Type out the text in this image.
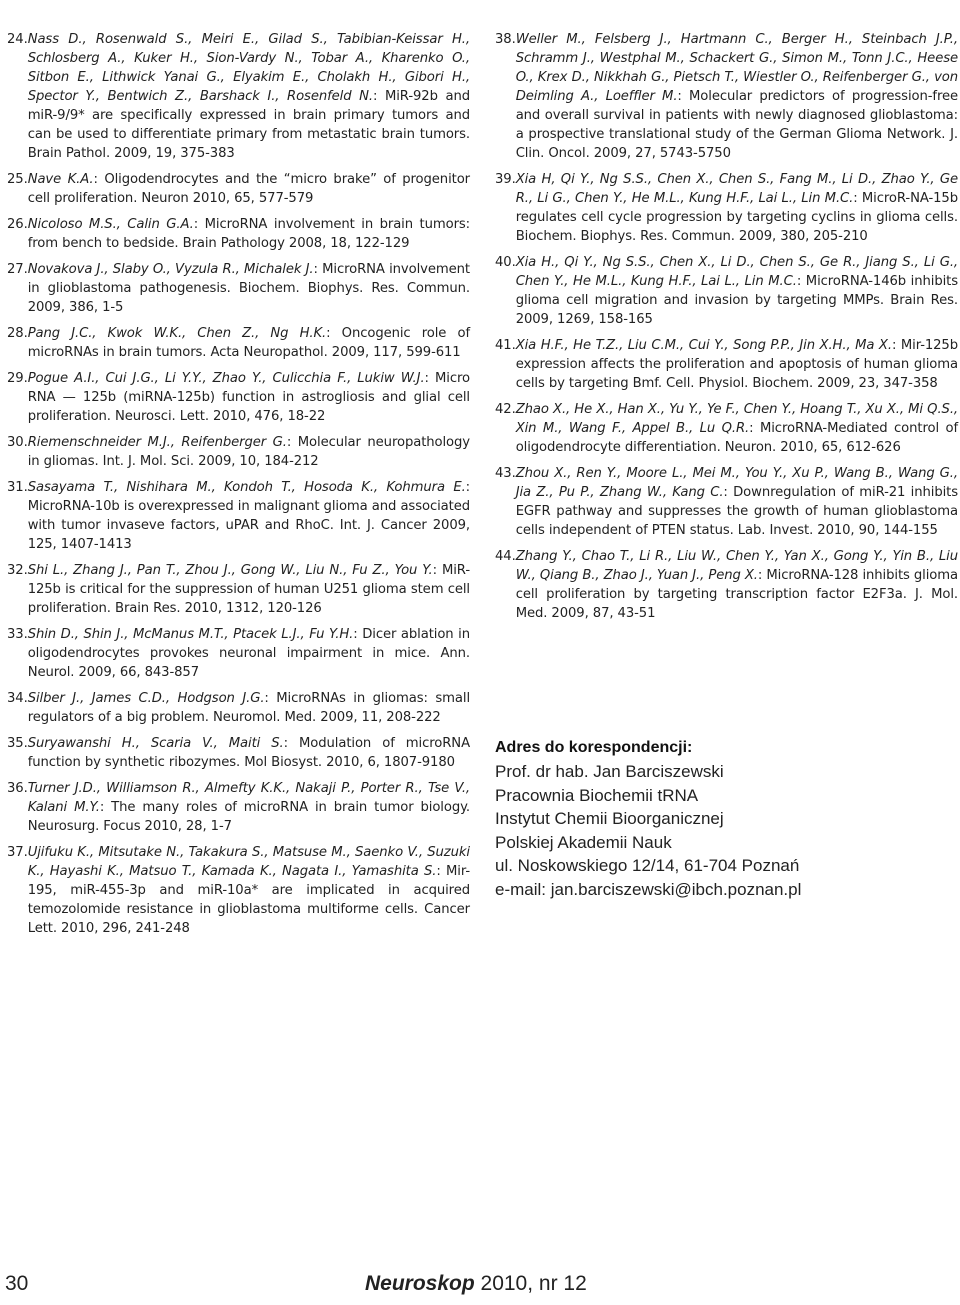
24. Nass D., Rosenwald S., Meiri E., Gilad S., Tabibian-Keissar H., Schlosberg A., Kuker H., Sion-Vardy N., Tobar A., Kharenko O., Sitbon E., Lithwick Yanai G., Elyakim E., Cholakh H., Gibori H., Spector Y., Bentwich Z., Barshack I., Rosenfeld N.: MiR-92b and miR-9/9* are specifically expressed in brain primary tumors and can be used to differentiate primary from metastatic brain tumors. Brain Pathol. 2009, 19, 375-383
25. Nave K.A.: Oligodendrocytes and the “micro brake” of progenitor cell proliferation. Neuron 2010, 65, 577-579
26. Nicoloso M.S., Calin G.A.: MicroRNA involvement in brain tumors: from bench to bedside. Brain Pathology 2008, 18, 122-129
27. Novakova J., Slaby O., Vyzula R., Michalek J.: MicroRNA involvement in glioblastoma pathogenesis. Biochem. Biophys. Res. Commun. 2009, 386, 1-5
28. Pang J.C., Kwok W.K., Chen Z., Ng H.K.: Oncogenic role of microRNAs in brain tumors. Acta Neuropathol. 2009, 117, 599-611
29. Pogue A.I., Cui J.G., Li Y.Y., Zhao Y., Culicchia F., Lukiw W.J.: Micro RNA — 125b (miRNA-125b) function in astrogliosis and glial cell proliferation. Neurosci. Lett. 2010, 476, 18-22
30. Riemenschneider M.J., Reifenberger G.: Molecular neuropathology in gliomas. Int. J. Mol. Sci. 2009, 10, 184-212
31. Sasayama T., Nishihara M., Kondoh T., Hosoda K., Kohmura E.: MicroRNA-10b is overexpressed in malignant glioma and associated with tumor invaseve factors, uPAR and RhoC. Int. J. Cancer 2009, 125, 1407-1413
32. Shi L., Zhang J., Pan T., Zhou J., Gong W., Liu N., Fu Z., You Y.: MiR-125b is critical for the suppression of human U251 glioma stem cell proliferation. Brain Res. 2010, 1312, 120-126
33. Shin D., Shin J., McManus M.T., Ptacek L.J., Fu Y.H.: Dicer ablation in oligodendrocytes provokes neuronal impairment in mice. Ann. Neurol. 2009, 66, 843-857
34. Silber J., James C.D., Hodgson J.G.: MicroRNAs in gliomas: small regulators of a big problem. Neuromol. Med. 2009, 11, 208-222
35. Suryawanshi H., Scaria V., Maiti S.: Modulation of microRNA function by synthetic ribozymes. Mol Biosyst. 2010, 6, 1807-9180
36. Turner J.D., Williamson R., Almefty K.K., Nakaji P., Porter R., Tse V., Kalani M.Y.: The many roles of microRNA in brain tumor biology. Neurosurg. Focus 2010, 28, 1-7
37. Ujifuku K., Mitsutake N., Takakura S., Matsuse M., Saenko V., Suzuki K., Hayashi K., Matsuo T., Kamada K., Nagata I., Yamashita S.: Mir-195, miR-455-3p and miR-10a* are implicated in acquired temozolomide resistance in glioblastoma multiforme cells. Cancer Lett. 2010, 296, 241-248
38. Weller M., Felsberg J., Hartmann C., Berger H., Steinbach J.P., Schramm J., Westphal M., Schackert G., Simon M., Tonn J.C., Heese O., Krex D., Nikkhah G., Pietsch T., Wiestler O., Reifenberger G., von Deimling A., Loeffler M.: Molecular predictors of progression-free and overall survival in patients with newly diagnosed glioblastoma: a prospective translational study of the German Glioma Network. J. Clin. Oncol. 2009, 27, 5743-5750
39. Xia H, Qi Y., Ng S.S., Chen X., Chen S., Fang M., Li D., Zhao Y., Ge R., Li G., Chen Y., He M.L., Kung H.F., Lai L., Lin M.C.: MicroR-NA-15b regulates cell cycle progression by targeting cyclins in glioma cells. Biochem. Biophys. Res. Commun. 2009, 380, 205-210
40. Xia H., Qi Y., Ng S.S., Chen X., Li D., Chen S., Ge R., Jiang S., Li G., Chen Y., He M.L., Kung H.F., Lai L., Lin M.C.: MicroRNA-146b inhibits glioma cell migration and invasion by targeting MMPs. Brain Res. 2009, 1269, 158-165
41. Xia H.F., He T.Z., Liu C.M., Cui Y., Song P.P., Jin X.H., Ma X.: Mir-125b expression affects the proliferation and apoptosis of human glioma cells by targeting Bmf. Cell. Physiol. Biochem. 2009, 23, 347-358
42. Zhao X., He X., Han X., Yu Y., Ye F., Chen Y., Hoang T., Xu X., Mi Q.S., Xin M., Wang F., Appel B., Lu Q.R.: MicroRNA-Mediated control of oligodendrocyte differentiation. Neuron. 2010, 65, 612-626
43. Zhou X., Ren Y., Moore L., Mei M., You Y., Xu P., Wang B., Wang G., Jia Z., Pu P., Zhang W., Kang C.: Downregulation of miR-21 inhibits EGFR pathway and suppresses the growth of human glioblastoma cells independent of PTEN status. Lab. Invest. 2010, 90, 144-155
44. Zhang Y., Chao T., Li R., Liu W., Chen Y., Yan X., Gong Y., Yin B., Liu W., Qiang B., Zhao J., Yuan J., Peng X.: MicroRNA-128 inhibits glioma cell proliferation by targeting transcription factor E2F3a. J. Mol. Med. 2009, 87, 43-51
Adres do korespondencji:
Prof. dr hab. Jan Barciszewski
Pracownia Biochemii tRNA
Instytut Chemii Bioorganicznej
Polskiej Akademii Nauk
ul. Noskowskiego 12/14, 61-704 Poznań
e-mail: jan.barciszewski@ibch.poznan.pl
30	Neuroskop 2010, nr 12
